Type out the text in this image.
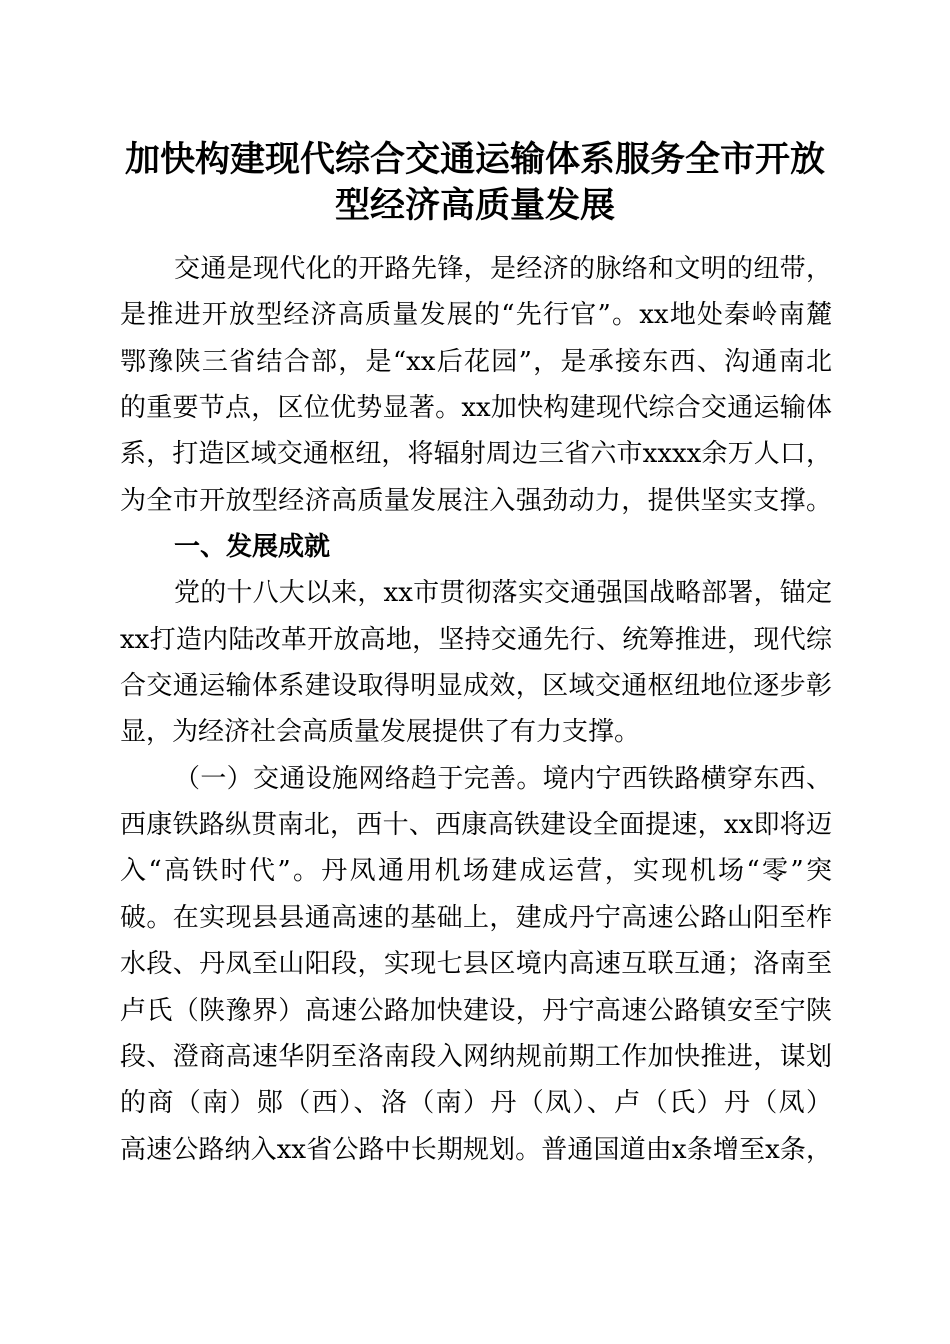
加快构建现代综合交通运输体系服务全市开放
型经济高质量发展
交通是现代化的开路先锋，是经济的脉络和文明的纽带，
是推进开放型经济高质量发展的“先行官”。xx地处秦岭南麓
鄂豫陕三省结合部，是“xx后花园”，是承接东西、沟通南北
的重要节点，区位优势显著。xx加快构建现代综合交通运输体
系，打造区域交通枢纽，将辐射周边三省六市xxxx余万人口，
为全市开放型经济高质量发展注入强劲动力，提供坚实支撑。
一、发展成就
党的十八大以来，xx市贯彻落实交通强国战略部署，锚定
xx打造内陆改革开放高地，坚持交通先行、统筹推进，现代综
合交通运输体系建设取得明显成效，区域交通枢纽地位逐步彰
显，为经济社会高质量发展提供了有力支撑。
（一）交通设施网络趋于完善。境内宁西铁路横穿东西、
西康铁路纵贯南北，西十、西康高铁建设全面提速，xx即将迈
入“高铁时代”。丹凤通用机场建成运营，实现机场“零”突
破。在实现县县通高速的基础上，建成丹宁高速公路山阳至柞
水段、丹凤至山阳段，实现七县区境内高速互联互通；洛南至
卢氏（陕豫界）高速公路加快建设，丹宁高速公路镇安至宁陕
段、澄商高速华阴至洛南段入网纳规前期工作加快推进，谋划
的商（南）郧（西）、洛（南）丹（凤）、卢（氏）丹（凤）
高速公路纳入xx省公路中长期规划。普通国道由x条增至x条，
